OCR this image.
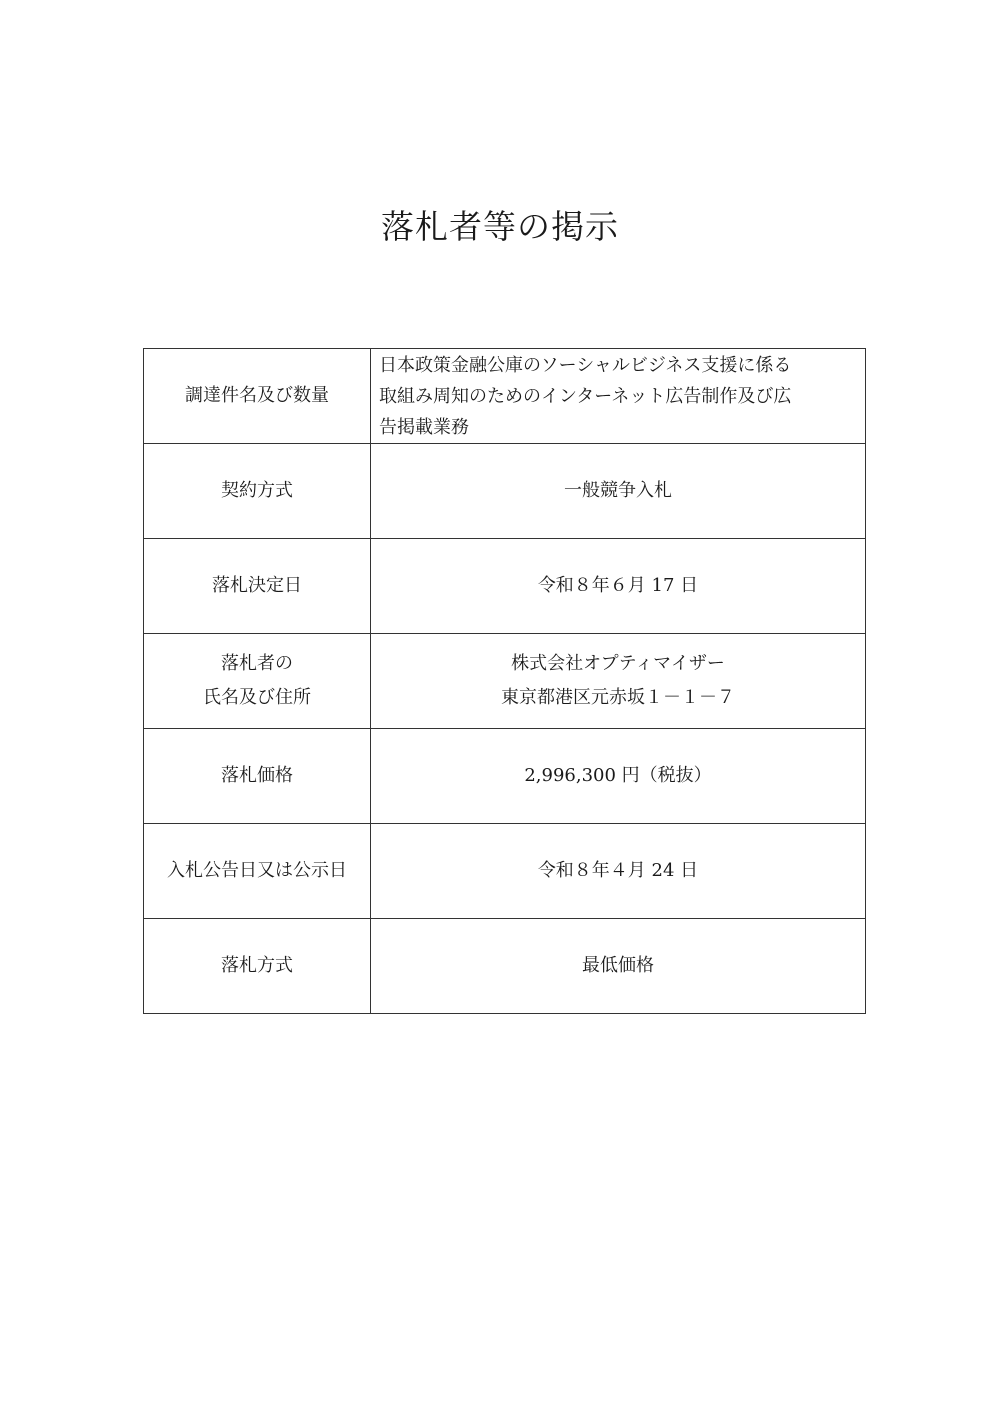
落札者等の掲示
調達件名及び数量	日本政策金融公庫のソーシャルビジネス支援に係る
取組み周知のためのインターネット広告制作及び広
告掲載業務

契約方式	一般競争入札

落札決定日	令和８年６月 17 日

落札者の
氏名及び住所	株式会社オプティマイザー
東京都港区元赤坂１－１－７

落札価格	2,996,300 円（税抜）

入札公告日又は公示日	令和８年４月 24 日

落札方式	最低価格
